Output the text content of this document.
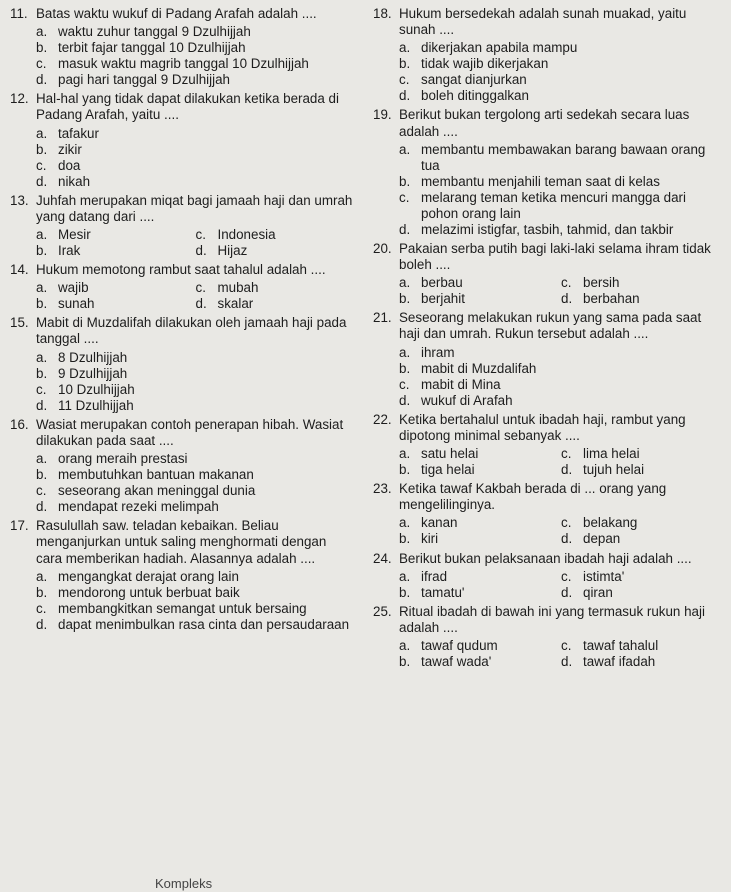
11. Batas waktu wukuf di Padang Arafah adalah ....

a. waktu zuhur tanggal 9 Dzulhijjah
b. terbit fajar tanggal 10 Dzulhijjah
c. masuk waktu magrib tanggal 10 Dzulhijjah
d. pagi hari tanggal 9 Dzulhijjah
12. Hal-hal yang tidak dapat dilakukan ketika berada di Padang Arafah, yaitu ....

a. tafakur
b. zikir
c. doa
d. nikah
13. Juhfah merupakan miqat bagi jamaah haji dan umrah yang datang dari ....

a. Mesir	c. Indonesia
b. Irak	d. Hijaz
14. Hukum memotong rambut saat tahalul adalah ....

a. wajib	c. mubah
b. sunah	d. skalar
15. Mabit di Muzdalifah dilakukan oleh jamaah haji pada tanggal ....

a. 8 Dzulhijjah
b. 9 Dzulhijjah
c. 10 Dzulhijjah
d. 11 Dzulhijjah
16. Wasiat merupakan contoh penerapan hibah. Wasiat dilakukan pada saat ....

a. orang meraih prestasi
b. membutuhkan bantuan makanan
c. seseorang akan meninggal dunia
d. mendapat rezeki melimpah
17. Rasulullah saw. teladan kebaikan. Beliau menganjurkan untuk saling menghormati dengan cara memberikan hadiah. Alasannya adalah ....

a. mengangkat derajat orang lain
b. mendorong untuk berbuat baik
c. membangkitkan semangat untuk bersaing
d. dapat menimbulkan rasa cinta dan persaudaraan
18. Hukum bersedekah adalah sunah muakad, yaitu sunah ....

a. dikerjakan apabila mampu
b. tidak wajib dikerjakan
c. sangat dianjurkan
d. boleh ditinggalkan
19. Berikut bukan tergolong arti sedekah secara luas adalah ....

a. membantu membawakan barang bawaan orang tua
b. membantu menjahili teman saat di kelas
c. melarang teman ketika mencuri mangga dari pohon orang lain
d. melazimi istigfar, tasbih, tahmid, dan takbir
20. Pakaian serba putih bagi laki-laki selama ihram tidak boleh ....

a. berbau	c. bersih
b. berjahit	d. berbahan
21. Seseorang melakukan rukun yang sama pada saat haji dan umrah. Rukun tersebut adalah ....

a. ihram
b. mabit di Muzdalifah
c. mabit di Mina
d. wukuf di Arafah
22. Ketika bertahalul untuk ibadah haji, rambut yang dipotong minimal sebanyak ....

a. satu helai	c. lima helai
b. tiga helai	d. tujuh helai
23. Ketika tawaf Kakbah berada di ... orang yang mengelilinginya.

a. kanan	c. belakang
b. kiri	d. depan
24. Berikut bukan pelaksanaan ibadah haji adalah ....

a. ifrad	c. istimta'
b. tamatu'	d. qiran
25. Ritual ibadah di bawah ini yang termasuk rukun haji adalah ....

a. tawaf qudum	c. tawaf tahalul
b. tawaf wada'	d. tawaf ifadah
Kompleks
